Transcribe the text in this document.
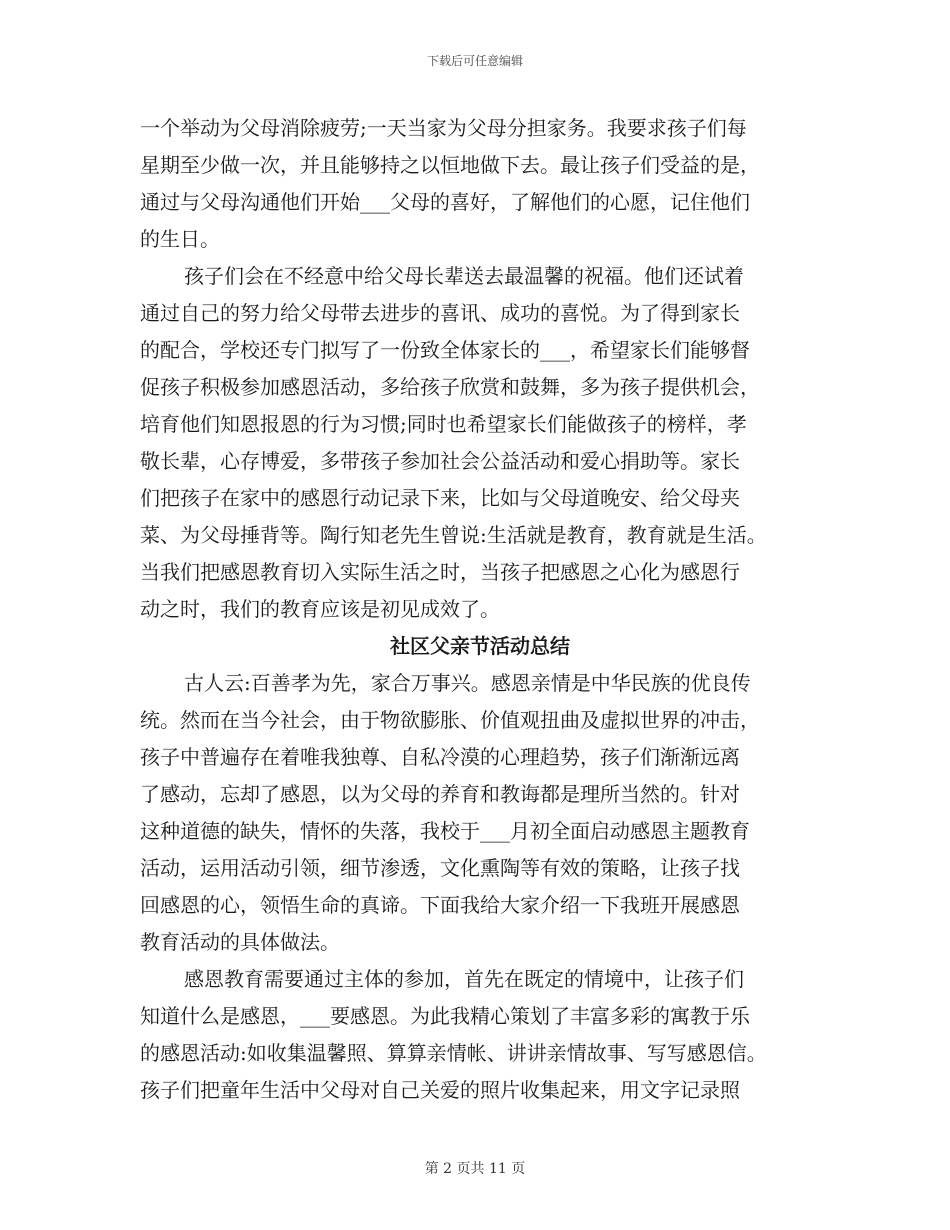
下载后可任意编辑
一个举动为父母消除疲劳;一天当家为父母分担家务。我要求孩子们每
星期至少做一次，并且能够持之以恒地做下去。最让孩子们受益的是，
通过与父母沟通他们开始___父母的喜好，了解他们的心愿，记住他们
的生日。
孩子们会在不经意中给父母长辈送去最温馨的祝福。他们还试着
通过自己的努力给父母带去进步的喜讯、成功的喜悦。为了得到家长
的配合，学校还专门拟写了一份致全体家长的___，希望家长们能够督
促孩子积极参加感恩活动，多给孩子欣赏和鼓舞，多为孩子提供机会，
培育他们知恩报恩的行为习惯;同时也希望家长们能做孩子的榜样，孝
敬长辈，心存博爱，多带孩子参加社会公益活动和爱心捐助等。家长
们把孩子在家中的感恩行动记录下来，比如与父母道晚安、给父母夹
菜、为父母捶背等。陶行知老先生曾说:生活就是教育，教育就是生活。
当我们把感恩教育切入实际生活之时，当孩子把感恩之心化为感恩行
动之时，我们的教育应该是初见成效了。
社区父亲节活动总结
古人云:百善孝为先，家合万事兴。感恩亲情是中华民族的优良传
统。然而在当今社会，由于物欲膨胀、价值观扭曲及虚拟世界的冲击，
孩子中普遍存在着唯我独尊、自私冷漠的心理趋势，孩子们渐渐远离
了感动，忘却了感恩，以为父母的养育和教诲都是理所当然的。针对
这种道德的缺失，情怀的失落，我校于___月初全面启动感恩主题教育
活动，运用活动引领，细节渗透，文化熏陶等有效的策略，让孩子找
回感恩的心，领悟生命的真谛。下面我给大家介绍一下我班开展感恩
教育活动的具体做法。
感恩教育需要通过主体的参加，首先在既定的情境中，让孩子们
知道什么是感恩，___要感恩。为此我精心策划了丰富多彩的寓教于乐
的感恩活动:如收集温馨照、算算亲情帐、讲讲亲情故事、写写感恩信。
孩子们把童年生活中父母对自己关爱的照片收集起来，用文字记录照
第 2 页共 11 页
